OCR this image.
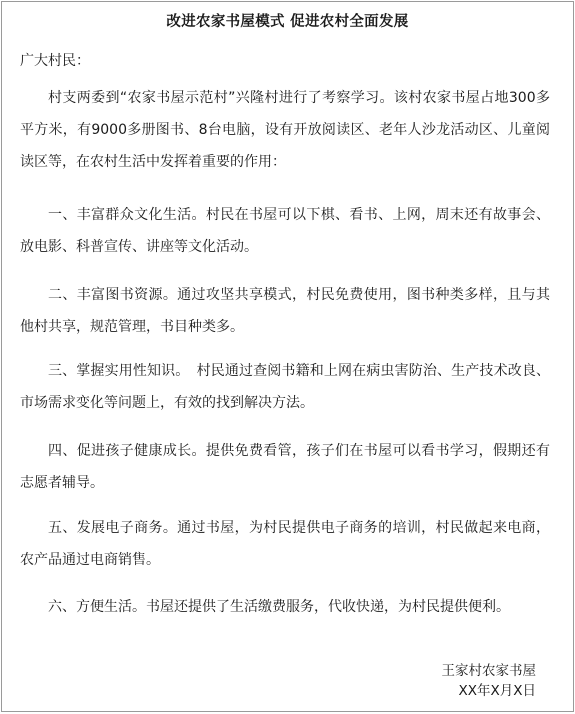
改进农家书屋模式 促进农村全面发展
广大村民：

村支两委到“农家书屋示范村”兴隆村进行了考察学习。该村农家书屋占地300多平方米，有9000多册图书、8台电脑，设有开放阅读区、老年人沙龙活动区、儿童阅读区等，在农村生活中发挥着重要的作用：

一、丰富群众文化生活。村民在书屋可以下棋、看书、上网，周末还有故事会、放电影、科普宣传、讲座等文化活动。

二、丰富图书资源。通过攻坚共享模式，村民免费使用，图书种类多样，且与其他村共享，规范管理，书目种类多。

三、掌握实用性知识。　村民通过查阅书籍和上网在病虫害防治、生产技术改良、市场需求变化等问题上，有效的找到解决方法。

四、促进孩子健康成长。提供免费看管，孩子们在书屋可以看书学习，假期还有志愿者辅导。

五、发展电子商务。通过书屋，为村民提供电子商务的培训，村民做起来电商，农产品通过电商销售。

六、方便生活。书屋还提供了生活缴费服务，代收快递，为村民提供便利。

王家村农家书屋
XX年X月X日
